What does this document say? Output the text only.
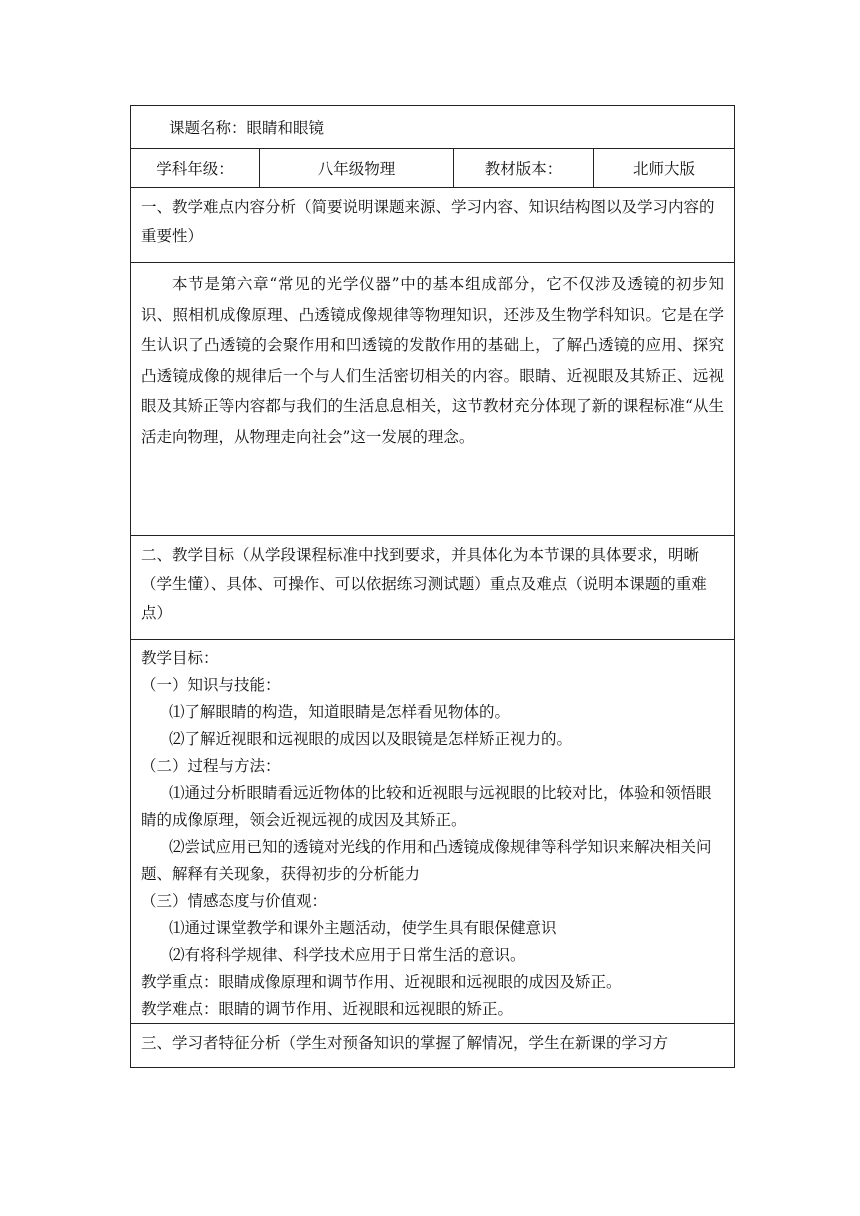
课题名称：眼睛和眼镜

学科年级：	八年级物理	教材版本：	北师大版
一、教学难点内容分析（简要说明课题来源、学习内容、知识结构图以及学习内容的重要性）

本节是第六章“常见的光学仪器”中的基本组成部分，它不仅涉及透镜的初步知识、照相机成像原理、凸透镜成像规律等物理知识，还涉及生物学科知识。它是在学生认识了凸透镜的会聚作用和凹透镜的发散作用的基础上，了解凸透镜的应用、探究凸透镜成像的规律后一个与人们生活密切相关的内容。眼睛、近视眼及其矫正、远视眼及其矫正等内容都与我们的生活息息相关，这节教材充分体现了新的课程标准“从生活走向物理，从物理走向社会”这一发展的理念。

二、教学目标（从学段课程标准中找到要求，并具体化为本节课的具体要求，明晰（学生懂）、具体、可操作、可以依据练习测试题）重点及难点（说明本课题的重难点）

教学目标：
（一）知识与技能：
⑴了解眼睛的构造，知道眼睛是怎样看见物体的。
⑵了解近视眼和远视眼的成因以及眼镜是怎样矫正视力的。
（二）过程与方法：
⑴通过分析眼睛看远近物体的比较和近视眼与远视眼的比较对比，体验和领悟眼睛的成像原理，领会近视远视的成因及其矫正。
⑵尝试应用已知的透镜对光线的作用和凸透镜成像规律等科学知识来解决相关问题、解释有关现象，获得初步的分析能力
（三）情感态度与价值观：
⑴通过课堂教学和课外主题活动，使学生具有眼保健意识
⑵有将科学规律、科学技术应用于日常生活的意识。
教学重点：眼睛成像原理和调节作用、近视眼和远视眼的成因及矫正。
教学难点：眼睛的调节作用、近视眼和远视眼的矫正。

三、学习者特征分析（学生对预备知识的掌握了解情况，学生在新课的学习方
